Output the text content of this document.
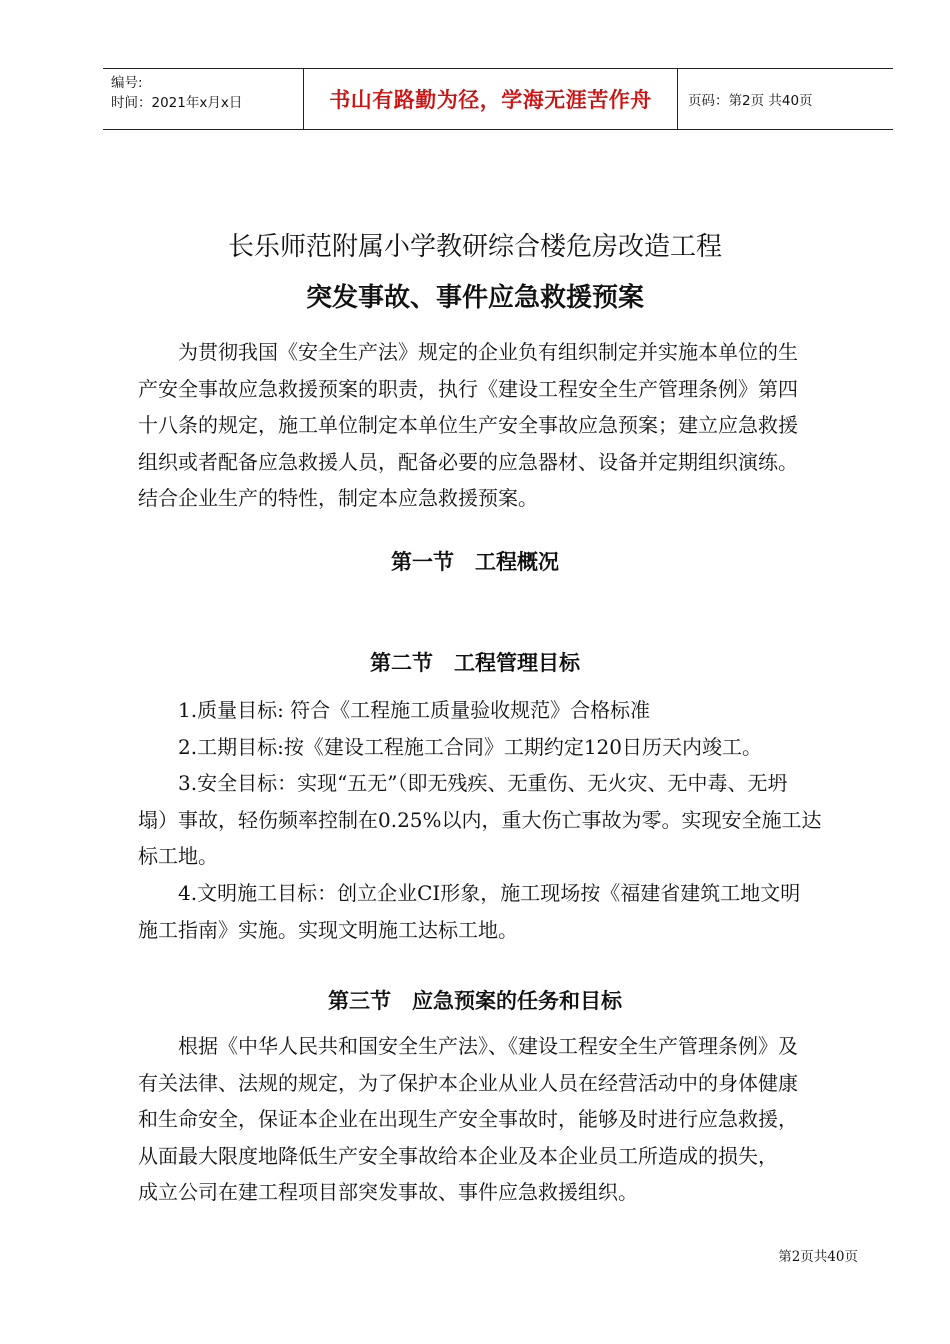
编号:
时间：2021年x月x日	书山有路勤为径，学海无涯苦作舟	页码：第2页 共40页
长乐师范附属小学教研综合楼危房改造工程
突发事故、事件应急救援预案

为贯彻我国《安全生产法》规定的企业负有组织制定并实施本单位的生

产安全事故应急救援预案的职责，执行《建设工程安全生产管理条例》第四

十八条的规定，施工单位制定本单位生产安全事故应急预案；建立应急救援

组织或者配备应急救援人员，配备必要的应急器材、设备并定期组织演练。

结合企业生产的特性，制定本应急救援预案。

第一节　工程概况
第二节　工程管理目标

1.质量目标: 符合《工程施工质量验收规范》合格标准

2.工期目标:按《建设工程施工合同》工期约定120日历天内竣工。

3.安全目标：实现“五无”（即无残疾、无重伤、无火灾、无中毒、无坍

塌）事故，轻伤频率控制在0.25%以内，重大伤亡事故为零。实现安全施工达

标工地。

4.文明施工目标：创立企业CI形象，施工现场按《福建省建筑工地文明

施工指南》实施。实现文明施工达标工地。

第三节　应急预案的任务和目标

根据《中华人民共和国安全生产法》、《建设工程安全生产管理条例》及

有关法律、法规的规定，为了保护本企业从业人员在经营活动中的身体健康

和生命安全，保证本企业在出现生产安全事故时，能够及时进行应急救援，

从面最大限度地降低生产安全事故给本企业及本企业员工所造成的损失，

成立公司在建工程项目部突发事故、事件应急救援组织。

第2页共40页
